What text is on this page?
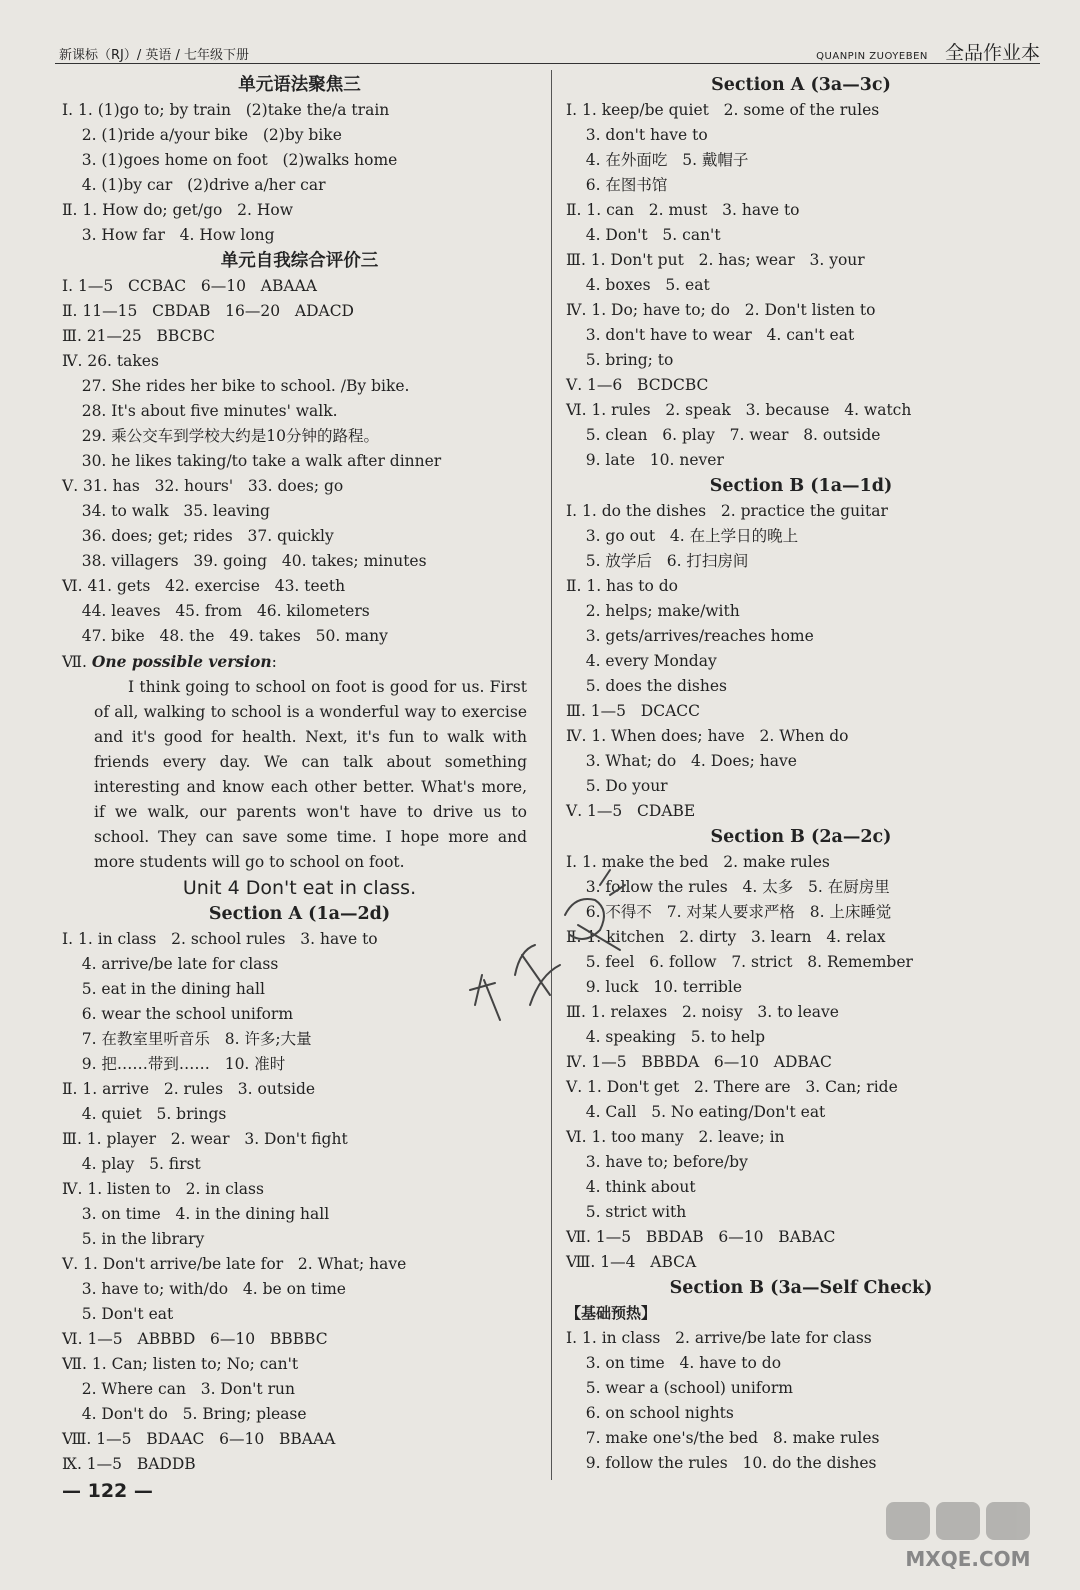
新课标（RJ）/ 英语 / 七年级下册	QUANPIN ZUOYEBEN 全品作业本
单元语法聚焦三
Ⅰ. 1. (1)go to; by train   (2)take the/a train
2. (1)ride a/your bike   (2)by bike
3. (1)goes home on foot   (2)walks home
4. (1)by car   (2)drive a/her car
Ⅱ. 1. How do; get/go   2. How
3. How far   4. How long
单元自我综合评价三
Ⅰ. 1—5   CCBAC   6—10   ABAAA
Ⅱ. 11—15   CBDAB   16—20   ADACD
Ⅲ. 21—25   BBCBC
Ⅳ. 26. takes
27. She rides her bike to school. /By bike.
28. It's about five minutes' walk.
29. 乘公交车到学校大约是10分钟的路程。
30. he likes taking/to take a walk after dinner
Ⅴ. 31. has   32. hours'   33. does; go
34. to walk   35. leaving
36. does; get; rides   37. quickly
38. villagers   39. going   40. takes; minutes
Ⅵ. 41. gets   42. exercise   43. teeth
44. leaves   45. from   46. kilometers
47. bike   48. the   49. takes   50. many
Ⅶ. One possible version:
I think going to school on foot is good for us. First of all, walking to school is a wonderful way to exercise and it's good for health. Next, it's fun to walk with friends every day. We can talk about something interesting and know each other better. What's more, if we walk, our parents won't have to drive us to school. They can save some time. I hope more and more students will go to school on foot.
Unit 4 Don't eat in class.
Section A (1a—2d)
Ⅰ. 1. in class   2. school rules   3. have to
4. arrive/be late for class
5. eat in the dining hall
6. wear the school uniform
7. 在教室里听音乐   8. 许多;大量
9. 把……带到……   10. 准时
Ⅱ. 1. arrive   2. rules   3. outside
4. quiet   5. brings
Ⅲ. 1. player   2. wear   3. Don't fight
4. play   5. first
Ⅳ. 1. listen to   2. in class
3. on time   4. in the dining hall
5. in the library
Ⅴ. 1. Don't arrive/be late for   2. What; have
3. have to; with/do   4. be on time
5. Don't eat
Ⅵ. 1—5   ABBBD   6—10   BBBBC
Ⅶ. 1. Can; listen to; No; can't
2. Where can   3. Don't run
4. Don't do   5. Bring; please
Ⅷ. 1—5   BDAAC   6—10   BBAAA
Ⅸ. 1—5   BADDB
Section A (3a—3c)
Ⅰ. 1. keep/be quiet   2. some of the rules
3. don't have to
4. 在外面吃   5. 戴帽子
6. 在图书馆
Ⅱ. 1. can   2. must   3. have to
4. Don't   5. can't
Ⅲ. 1. Don't put   2. has; wear   3. your
4. boxes   5. eat
Ⅳ. 1. Do; have to; do   2. Don't listen to
3. don't have to wear   4. can't eat
5. bring; to
Ⅴ. 1—6   BCDCBC
Ⅵ. 1. rules   2. speak   3. because   4. watch
5. clean   6. play   7. wear   8. outside
9. late   10. never
Section B (1a—1d)
Ⅰ. 1. do the dishes   2. practice the guitar
3. go out   4. 在上学日的晚上
5. 放学后   6. 打扫房间
Ⅱ. 1. has to do
2. helps; make/with
3. gets/arrives/reaches home
4. every Monday
5. does the dishes
Ⅲ. 1—5   DCACC
Ⅳ. 1. When does; have   2. When do
3. What; do   4. Does; have
5. Do your
Ⅴ. 1—5   CDABE
Section B (2a—2c)
Ⅰ. 1. make the bed   2. make rules
3. follow the rules   4. 太多   5. 在厨房里
6. 不得不   7. 对某人要求严格   8. 上床睡觉
Ⅱ. 1. kitchen   2. dirty   3. learn   4. relax
5. feel   6. follow   7. strict   8. Remember
9. luck   10. terrible
Ⅲ. 1. relaxes   2. noisy   3. to leave
4. speaking   5. to help
Ⅳ. 1—5   BBBDA   6—10   ADBAC
Ⅴ. 1. Don't get   2. There are   3. Can; ride
4. Call   5. No eating/Don't eat
Ⅵ. 1. too many   2. leave; in
3. have to; before/by
4. think about
5. strict with
Ⅶ. 1—5   BBDAB   6—10   BABAC
Ⅷ. 1—4   ABCA
Section B (3a—Self Check)
【基础预热】
Ⅰ. 1. in class   2. arrive/be late for class
3. on time   4. have to do
5. wear a (school) uniform
6. on school nights
7. make one's/the bed   8. make rules
9. follow the rules   10. do the dishes
MXQE.COM
— 122 —
